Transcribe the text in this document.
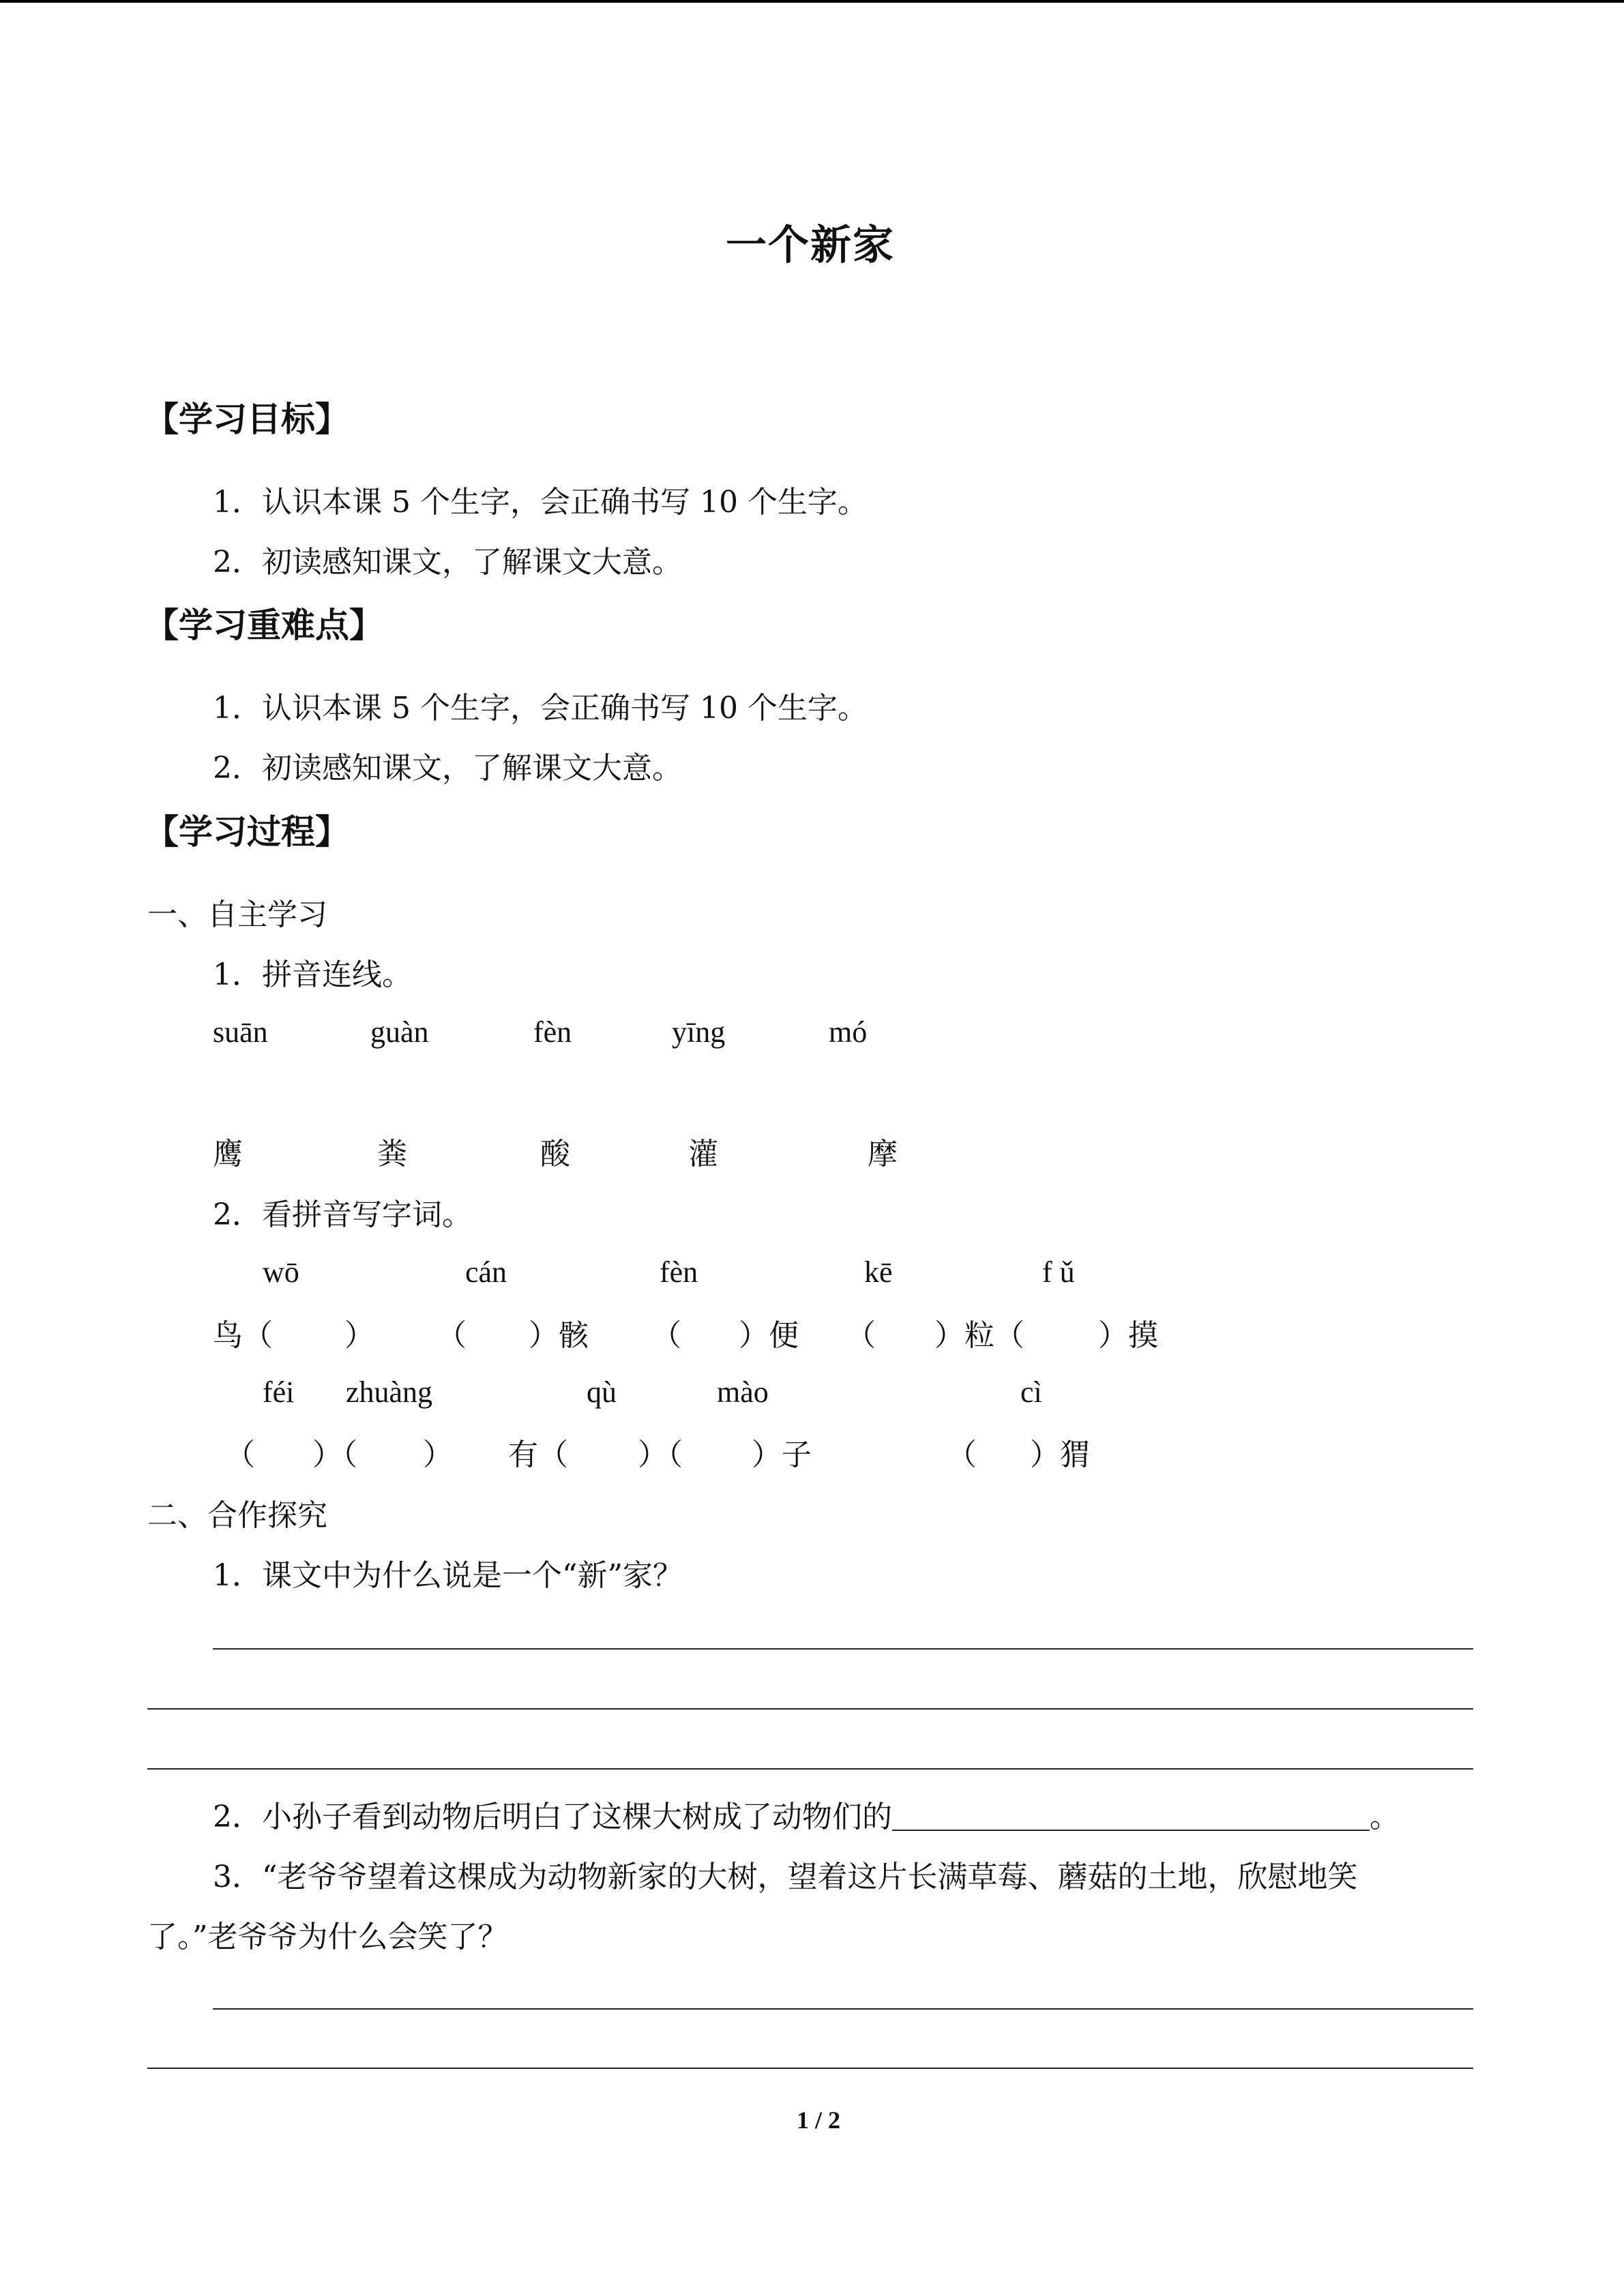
一个新家
【学习目标】
1．认识本课 5 个生字，会正确书写 10 个生字。
2．初读感知课文，了解课文大意。
【学习重难点】
1．认识本课 5 个生字，会正确书写 10 个生字。
2．初读感知课文，了解课文大意。
【学习过程】
一、自主学习
1．拼音连线。
suān	guàn	fèn	yīng	mó
鹰	粪	酸	灌	摩
2．看拼音写字词。
wō	cán	fèn	kē	f ǔ
鸟（ ） （ ）骸 （ ）便 （ ）粒（ ）摸
féi zhuàng	qù	mào	cì
（ ）（ ） 有（ ）（ ）子	（ ）猬
二、合作探究
1．课文中为什么说是一个“新”家？
2．小孙子看到动物后明白了这棵大树成了动物们的	。
3．“老爷爷望着这棵成为动物新家的大树，望着这片长满草莓、蘑菇的土地，欣慰地笑
了。”老爷爷为什么会笑了？
1 / 2
